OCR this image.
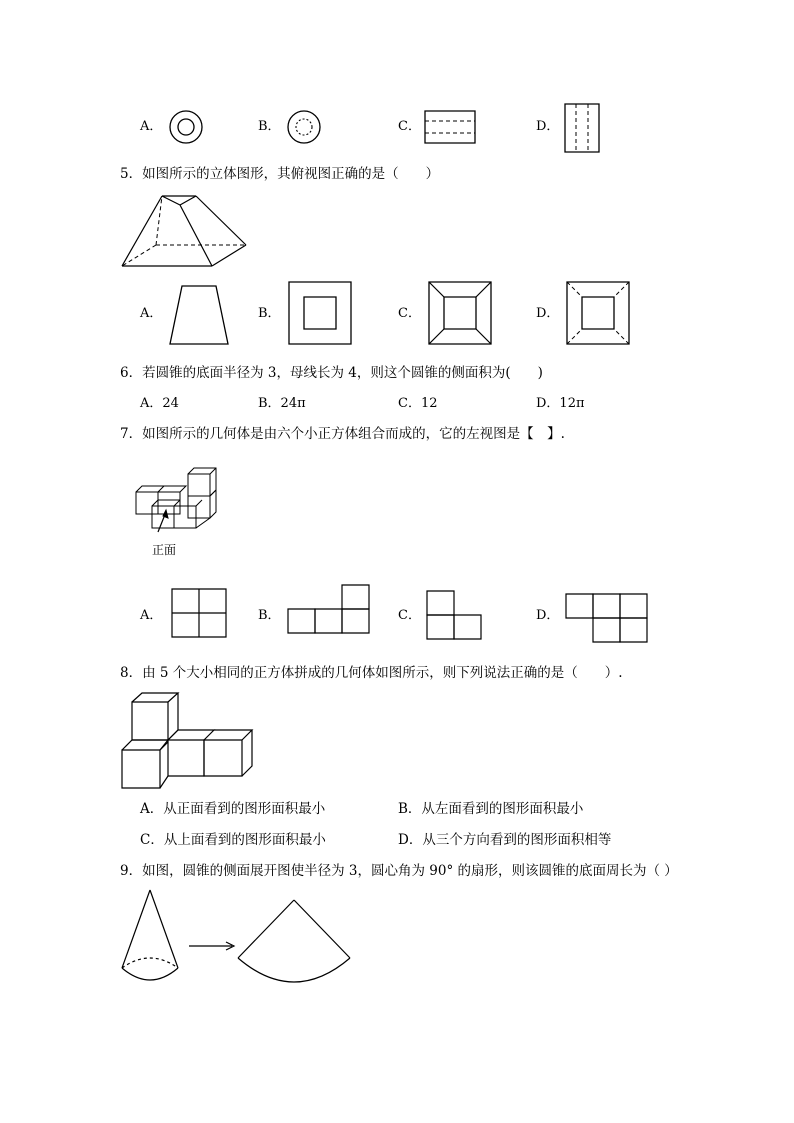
A．	B．	C．	D．
5．如图所示的立体图形，其俯视图正确的是（　　）
A．	B．	C．	D．
6．若圆锥的底面半径为 3，母线长为 4，则这个圆锥的侧面积为(　　)
A．24	B．24π	C．12	D．12π
7．如图所示的几何体是由六个小正方体组合而成的，它的左视图是【　】.
正面
A．	B．	C．	D．
8．由 5 个大小相同的正方体拼成的几何体如图所示，则下列说法正确的是（　　）.
A．从正面看到的图形面积最小	B．从左面看到的图形面积最小
C．从上面看到的图形面积最小	D．从三个方向看到的图形面积相等
9．如图，圆锥的侧面展开图使半径为 3，圆心角为 90° 的扇形，则该圆锥的底面周长为（ ）
